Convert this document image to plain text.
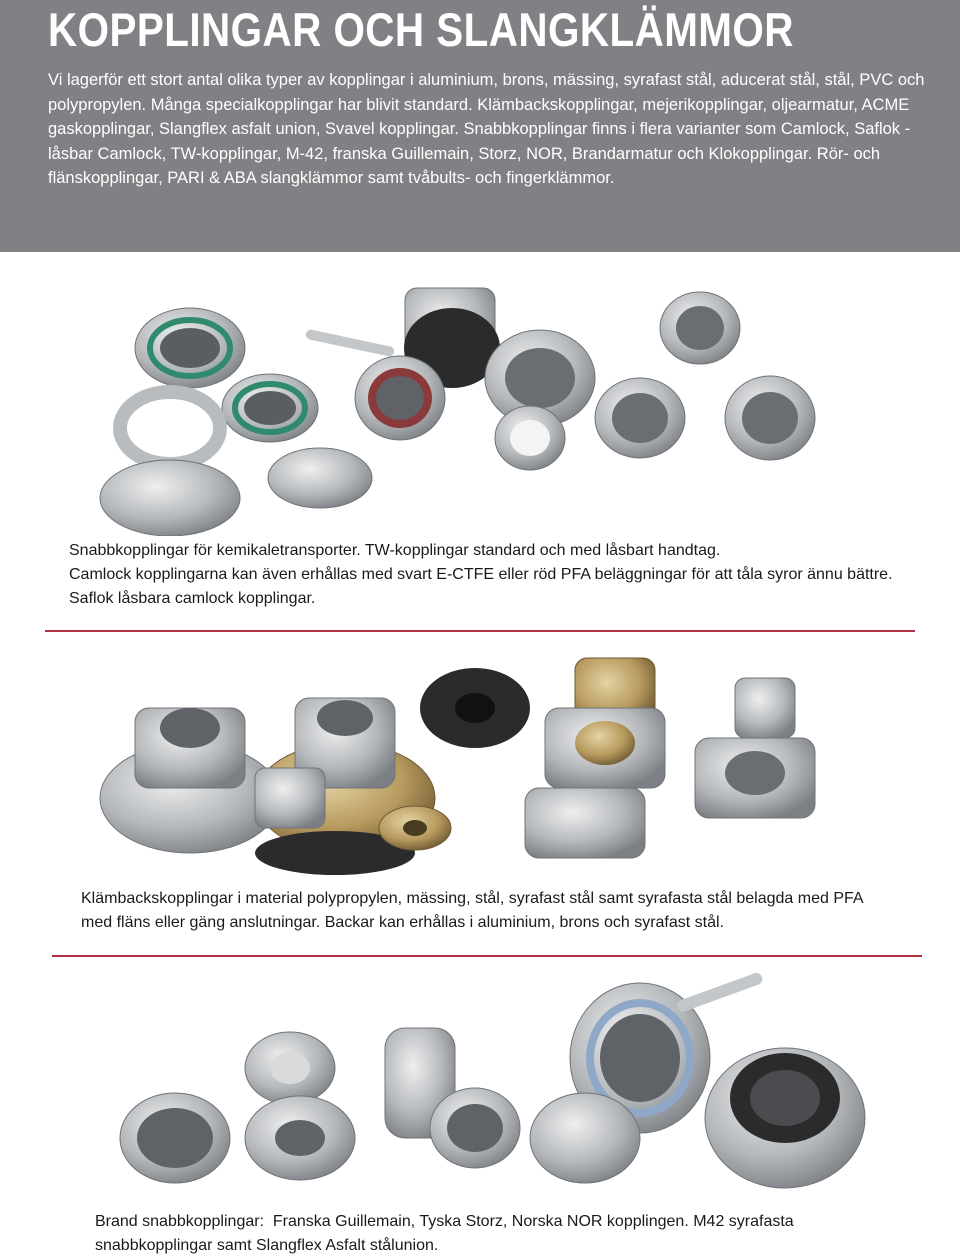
KOPPLINGAR OCH SLANGKLÄMMOR

Vi lagerför ett stort antal olika typer av kopplingar i aluminium, brons, mässing, syrafast stål, aducerat stål, stål, PVC och polypropylen. Många specialkopplingar har blivit standard. Klämbackskopplingar, mejerikopplingar, oljearmatur, ACME gaskopplingar, Slangflex asfalt union, Svavel kopplingar. Snabbkopplingar finns i flera varianter som Camlock, Saflok - låsbar Camlock, TW-kopplingar, M-42, franska Guillemain, Storz, NOR, Brandarmatur och Klokopplingar. Rör- och flänskopplingar, PARI & ABA slangklämmor samt tvåbults- och fingerklämmor.

Snabbkopplingar för kemikaletransporter. TW-kopplingar standard och med låsbart handtag.

Camlock kopplingarna kan även erhållas med svart E-CTFE eller röd PFA beläggningar för att tåla syror ännu bättre.

Saflok låsbara camlock kopplingar.

Klämbackskopplingar i material polypropylen, mässing, stål, syrafast stål samt syrafasta stål belagda med PFA

med fläns eller gäng anslutningar. Backar kan erhållas i aluminium, brons och syrafast stål.

Brand snabbkopplingar:  Franska Guillemain, Tyska Storz, Norska NOR kopplingen. M42 syrafasta

snabbkopplingar samt Slangflex Asfalt stålunion.
